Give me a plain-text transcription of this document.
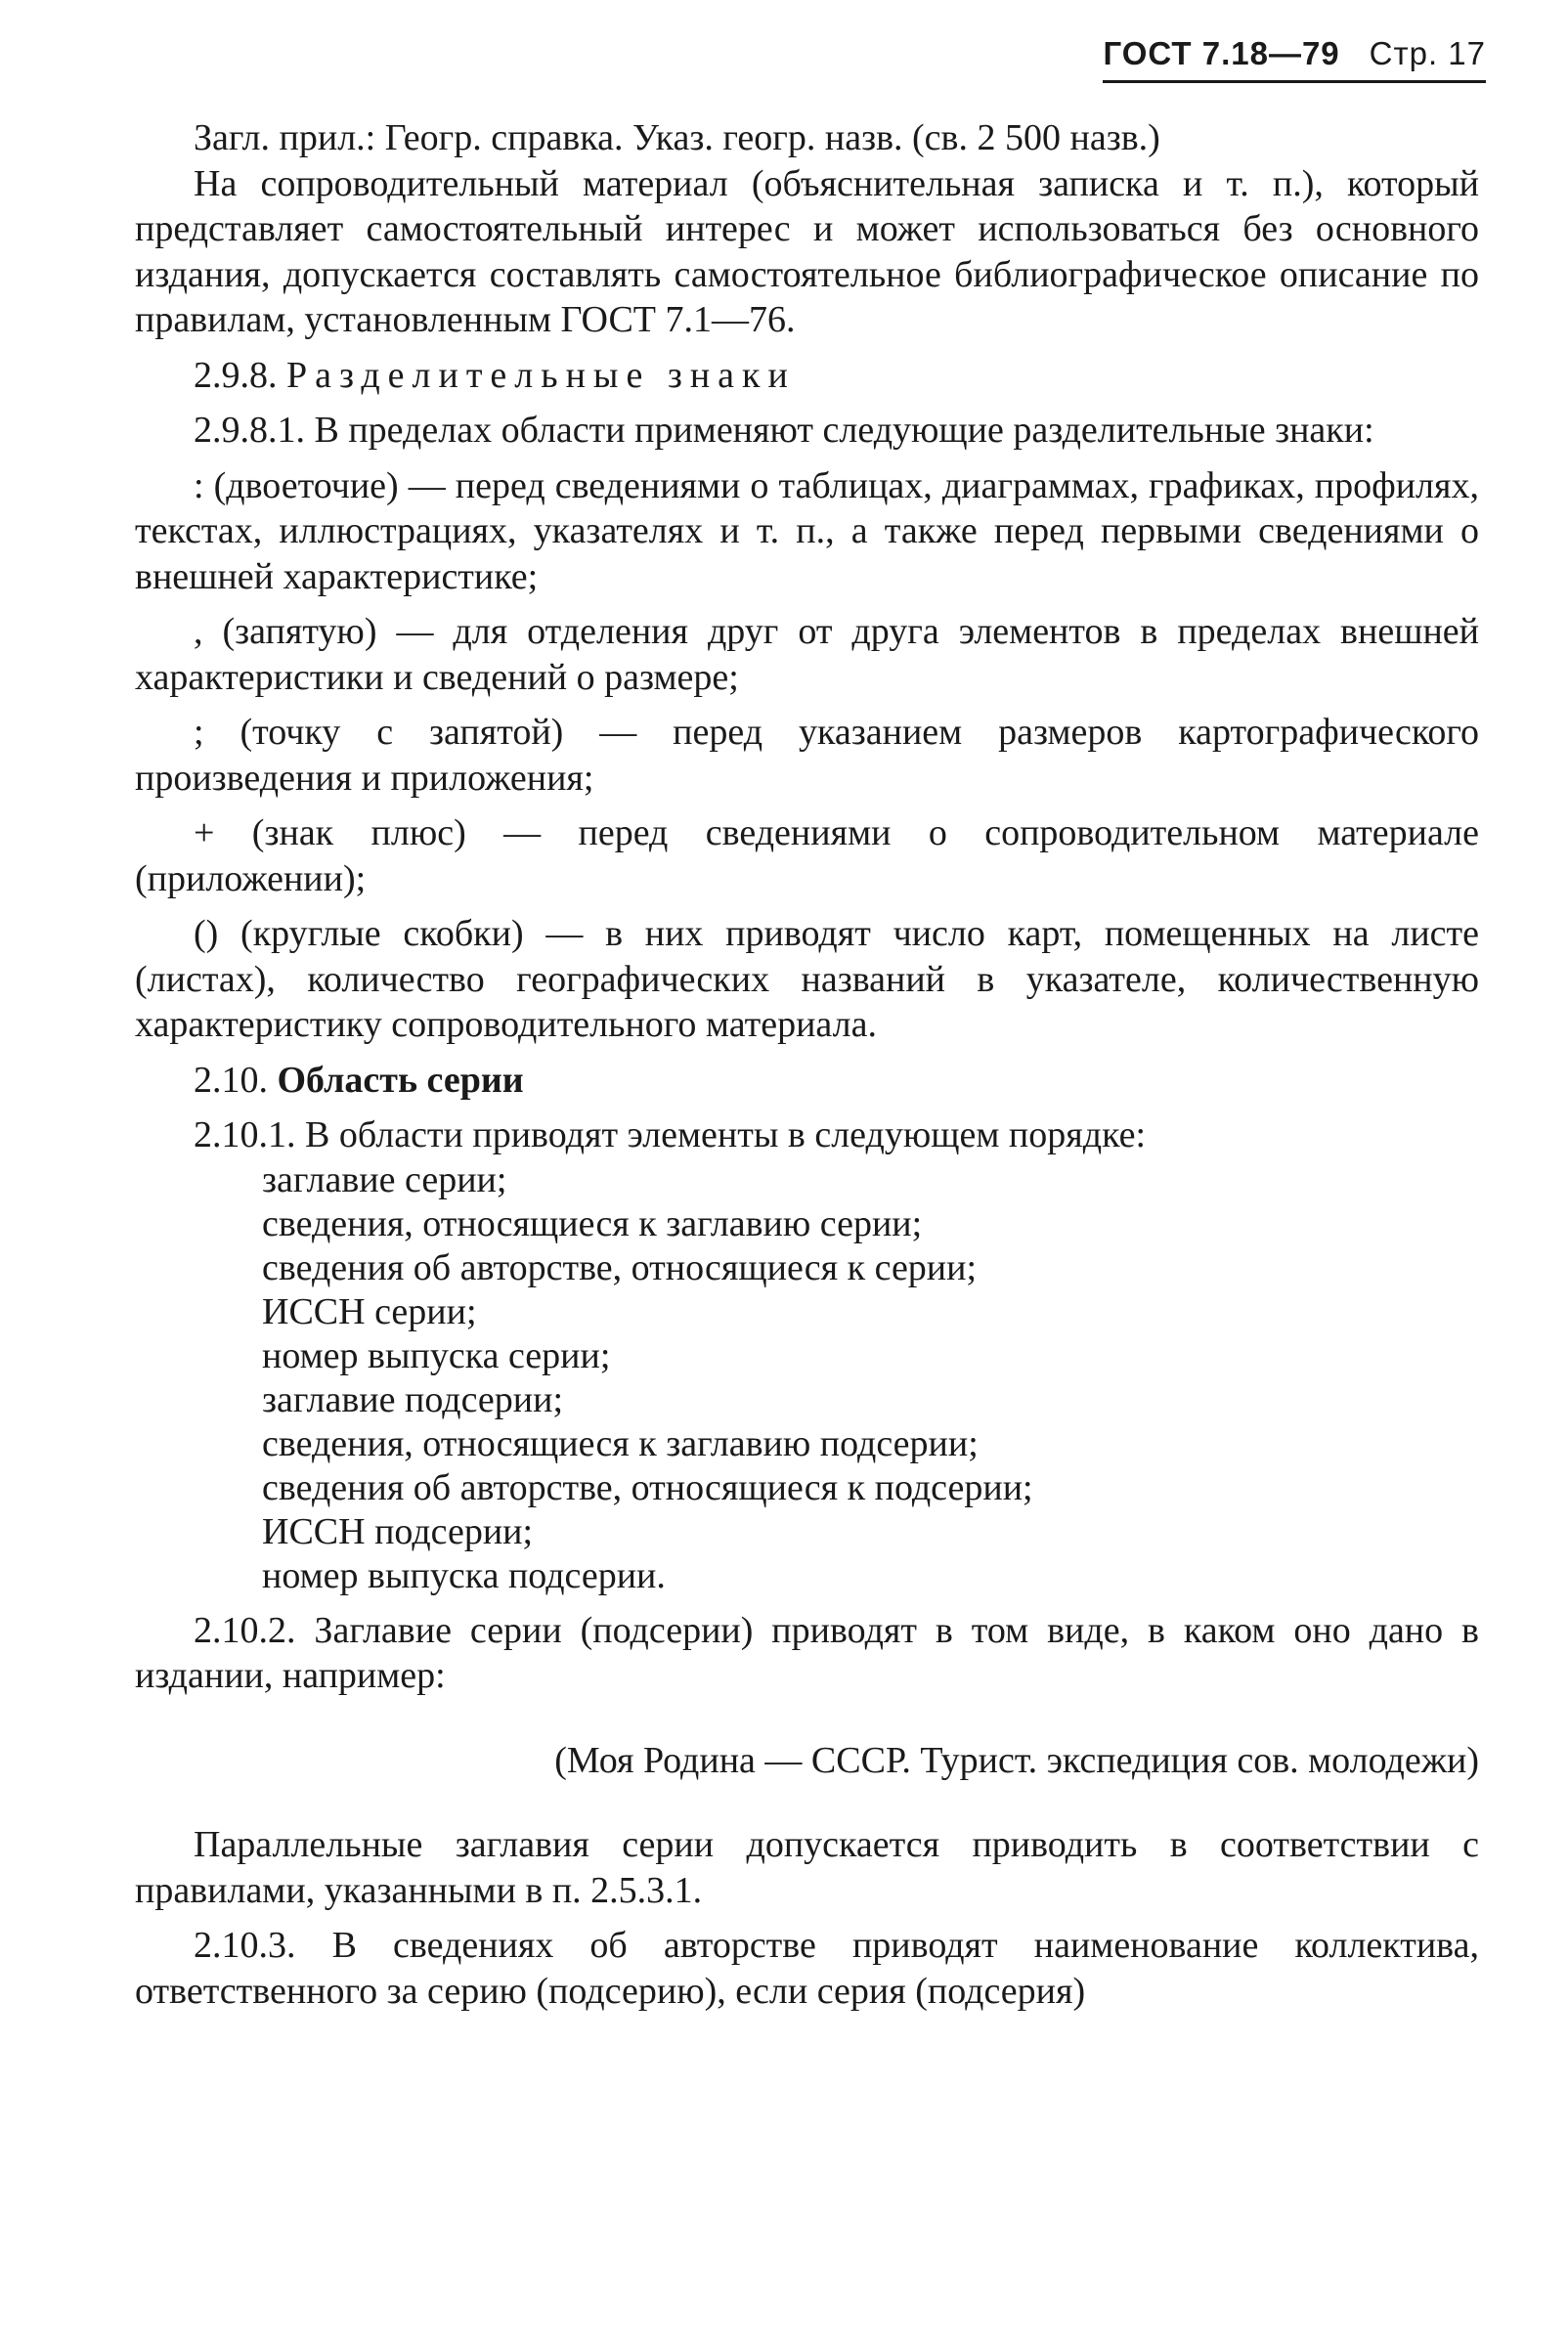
ГОСТ 7.18—79 Стр. 17

Загл. прил.: Геогр. справка. Указ. геогр. назв. (св. 2 500 назв.)

На сопроводительный материал (объяснительная записка и т. п.), который представляет самостоятельный интерес и может использоваться без основного издания, допускается составлять самостоятельное библиографическое описание по правилам, установленным ГОСТ 7.1—76.

2.9.8. Разделительные знаки

2.9.8.1. В пределах области применяют следующие разделительные знаки:

: (двоеточие) — перед сведениями о таблицах, диаграммах, графиках, профилях, текстах, иллюстрациях, указателях и т. п., а также перед первыми сведениями о внешней характеристике;

, (запятую) — для отделения друг от друга элементов в пределах внешней характеристики и сведений о размере;

; (точку с запятой) — перед указанием размеров картографического произведения и приложения;

+ (знак плюс) — перед сведениями о сопроводительном материале (приложении);

() (круглые скобки) — в них приводят число карт, помещенных на листе (листах), количество географических названий в указателе, количественную характеристику сопроводительного материала.

2.10. Область серии

2.10.1. В области приводят элементы в следующем порядке:

заглавие серии;
сведения, относящиеся к заглавию серии;
сведения об авторстве, относящиеся к серии;
ИССН серии;
номер выпуска серии;
заглавие подсерии;
сведения, относящиеся к заглавию подсерии;
сведения об авторстве, относящиеся к подсерии;
ИССН подсерии;
номер выпуска подсерии.

2.10.2. Заглавие серии (подсерии) приводят в том виде, в каком оно дано в издании, например:

(Моя Родина — СССР. Турист. экспедиция сов. молодежи)

Параллельные заглавия серии допускается приводить в соответствии с правилами, указанными в п. 2.5.3.1.

2.10.3. В сведениях об авторстве приводят наименование коллектива, ответственного за серию (подсерию), если серия (подсерия)
